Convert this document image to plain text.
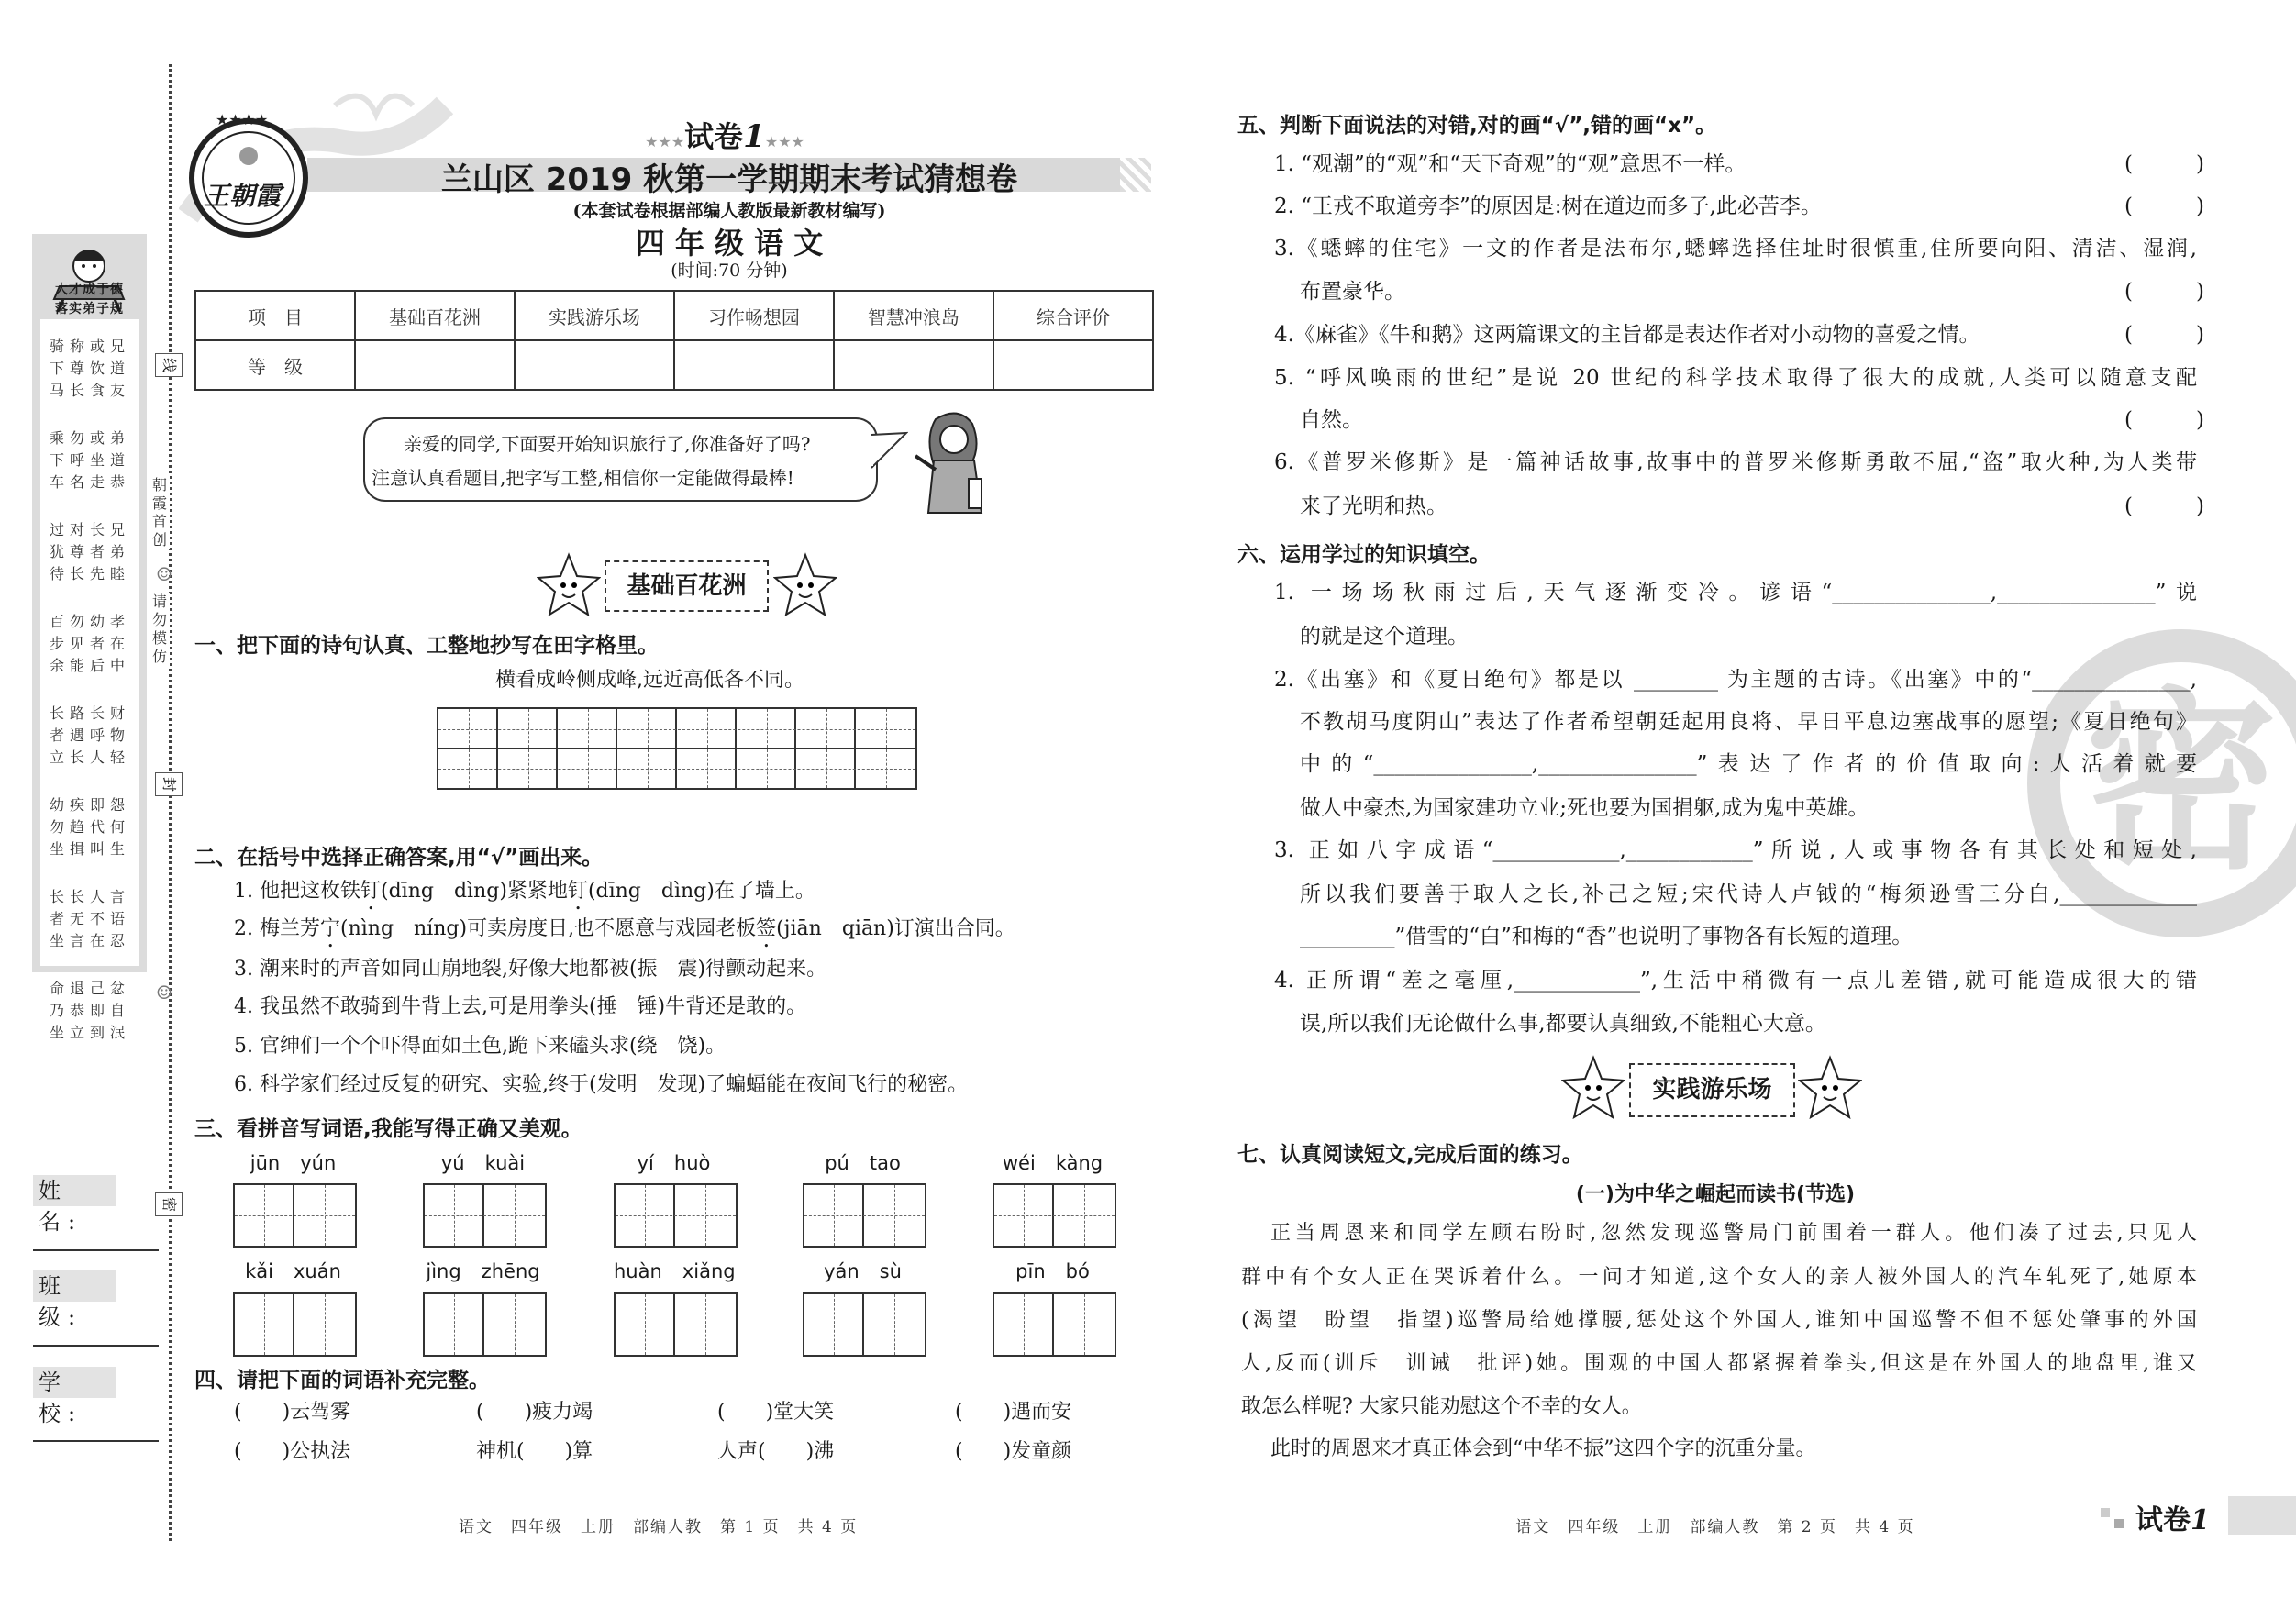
线
朝霞首创
☺
请勿模仿
封
☺
密
大才成于德
落实弟子规
骑称或兄
下尊饮道
马长食友
乘勿或弟
下呼坐道
车名走恭
过对长兄
犹尊者弟
待长先睦
百勿幼孝
步见者在
余能后中
长路长财
者遇呼物
立长人轻
幼疾即怨
勿趋代何
坐揖叫生
长长人言
者无不语
坐言在忍
命退己忿
乃恭即自
坐立到泯
姓 名:
班 级:
学 校:
★★★★
王朝霞
★★★试卷1★★★
兰山区 2019 秋第一学期期末考试猜想卷
(本套试卷根据部编人教版最新教材编写)
四 年 级 语 文
(时间:70 分钟)
项　目	基础百花洲	实践游乐场	习作畅想园	智慧冲浪岛	综合评价
等　级					
亲爱的同学,下面要开始知识旅行了,你准备好了吗?
注意认真看题目,把字写工整,相信你一定能做得最棒!
基础百花洲
一、把下面的诗句认真、工整地抄写在田字格里。
横看成岭侧成峰,远近高低各不同。
二、在括号中选择正确答案,用“√”画出来。
1. 他把这枚铁钉(dīng　dìng)紧紧地钉(dīng　dìng)在了墙上。
2. 梅兰芳宁(nìng　níng)可卖房度日,也不愿意与戏园老板签(jiān　qiān)订演出合同。
3. 潮来时的声音如同山崩地裂,好像大地都被(振　震)得颤动起来。
4. 我虽然不敢骑到牛背上去,可是用拳头(捶　锤)牛背还是敢的。
5. 官绅们一个个吓得面如土色,跪下来磕头求(绕　饶)。
6. 科学家们经过反复的研究、实验,终于(发明　发现)了蝙蝠能在夜间飞行的秘密。
三、看拼音写词语,我能写得正确又美观。
四、请把下面的词语补充完整。
(　　)云驾雾	(　　)疲力竭	(　　)堂大笑	(　　)遇而安
(　　)公执法	神机(　　)算	人声(　　)沸	(　　)发童颜
语文　四年级　上册　部编人教　第 1 页　共 4 页
密
五、判断下面说法的对错,对的画“√”,错的画“x”。
六、运用学过的知识填空。
实践游乐场
七、认真阅读短文,完成后面的练习。
(一)为中华之崛起而读书(节选)
语文　四年级　上册　部编人教　第 2 页　共 4 页	试卷1
jūn yún	yú kuài	yí huò	pú tao	wéi kàng
kǎi xuán	jìng zhēng	huàn xiǎng	yán sù	pīn bó
1. “观潮”的“观”和“天下奇观”的“观”意思不一样。	(　　　)
2. “王戎不取道旁李”的原因是:树在道边而多子,此必苦李。	(　　　)
3.《蟋蟀的住宅》一文的作者是法布尔,蟋蟀选择住址时很慎重,住所要向阳、清洁、湿润,
布置豪华。	(　　　)
4.《麻雀》《牛和鹅》这两篇课文的主旨都是表达作者对小动物的喜爱之情。	(　　　)
5. “呼风唤雨的世纪”是说 20 世纪的科学技术取得了很大的成就,人类可以随意支配
自然。	(　　　)
6.《普罗米修斯》是一篇神话故事,故事中的普罗米修斯勇敢不屈,“盗”取火种,为人类带
来了光明和热。	(　　　)
1. 一场场秋雨过后,天气逐渐变冷。谚语“_______________,_______________”说
的就是这个道理。
2.《出塞》和《夏日绝句》都是以 ________ 为主题的古诗。《出塞》中的“_______________,
不教胡马度阴山”表达了作者希望朝廷起用良将、早日平息边塞战事的愿望;《夏日绝句》
中的“_______________,_______________”表达了作者的价值取向:人活着就要
做人中豪杰,为国家建功立业;死也要为国捐躯,成为鬼中英雄。
3. 正如八字成语“____________,____________”所说,人或事物各有其长处和短处,
所以我们要善于取人之长,补己之短;宋代诗人卢钺的“梅须逊雪三分白,_____________
_________”借雪的“白”和梅的“香”也说明了事物各有长短的道理。
4. 正所谓“差之毫厘,____________”,生活中稍微有一点儿差错,就可能造成很大的错
误,所以我们无论做什么事,都要认真细致,不能粗心大意。
正当周恩来和同学左顾右盼时,忽然发现巡警局门前围着一群人。他们凑了过去,只见人
群中有个女人正在哭诉着什么。一问才知道,这个女人的亲人被外国人的汽车轧死了,她原本
(渴望　盼望　指望)巡警局给她撑腰,惩处这个外国人,谁知中国巡警不但不惩处肇事的外国
人,反而(训斥　训诫　批评)她。围观的中国人都紧握着拳头,但这是在外国人的地盘里,谁又
敢怎么样呢? 大家只能劝慰这个不幸的女人。
此时的周恩来才真正体会到“中华不振”这四个字的沉重分量。
